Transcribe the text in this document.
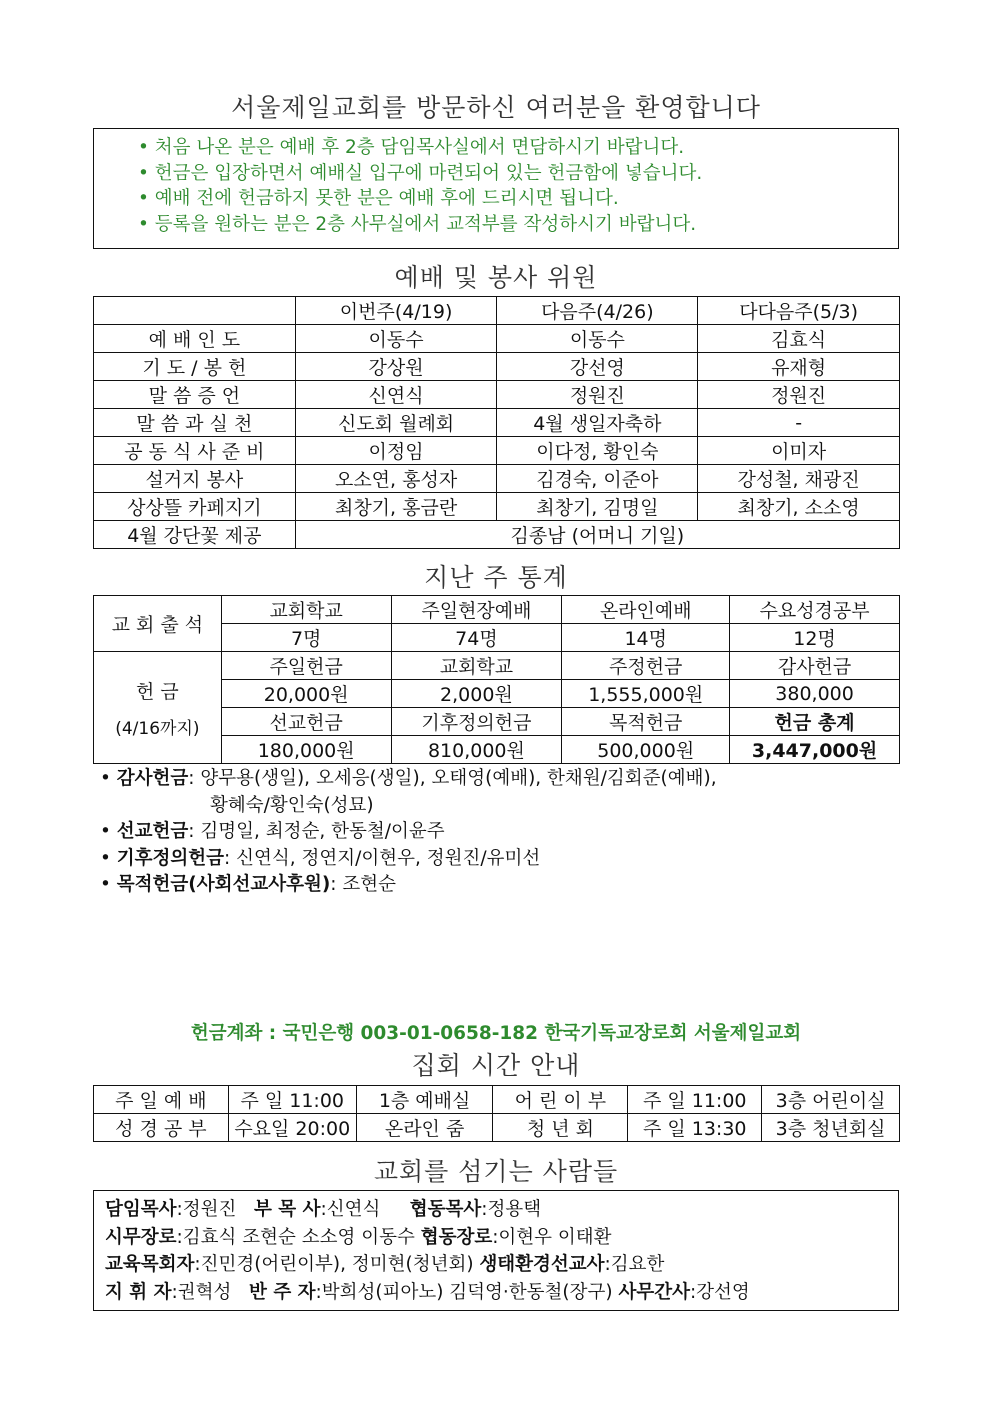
서울제일교회를 방문하신 여러분을 환영합니다
• 처음 나온 분은 예배 후 2층 담임목사실에서 면담하시기 바랍니다.
• 헌금은 입장하면서 예배실 입구에 마련되어 있는 헌금함에 넣습니다.
• 예배 전에 헌금하지 못한 분은 예배 후에 드리시면 됩니다.
• 등록을 원하는 분은 2층 사무실에서 교적부를 작성하시기 바랍니다.
예배 및 봉사 위원
	이번주(4/19)	다음주(4/26)	다다음주(5/3)
예 배 인 도	이동수	이동수	김효식
기 도 / 봉 헌	강상원	강선영	유재형
말 씀 증 언	신연식	정원진	정원진
말 씀 과 실 천	신도회 월례회	4월 생일자축하	-
공 동 식 사 준 비	이정임	이다정, 황인숙	이미자
설거지 봉사	오소연, 홍성자	김경숙, 이준아	강성철, 채광진
상상뜰 카페지기	최창기, 홍금란	최창기, 김명일	최창기, 소소영
4월 강단꽃 제공	김종남 (어머니 기일)		
지난 주 통계
교 회 출 석	교회학교	주일현장예배	온라인예배	수요성경공부
	7명	74명	14명	12명

헌 금
(4/16까지)	주일헌금	교회학교	주정헌금	감사헌금
	20,000원	2,000원	1,555,000원	380,000
	선교헌금	기후정의헌금	목적헌금	헌금 총계
	180,000원	810,000원	500,000원	3,447,000원
• 감사헌금: 양무용(생일), 오세응(생일), 오태영(예배), 한채원/김회준(예배),
황혜숙/황인숙(성묘)
• 선교헌금: 김명일, 최정순, 한동철/이윤주
• 기후정의헌금: 신연식, 정연지/이현우, 정원진/유미선
• 목적헌금(사회선교사후원): 조현순
헌금계좌 : 국민은행 003-01-0658-182 한국기독교장로회 서울제일교회
집회 시간 안내
주 일 예 배	주 일 11:00	1층 예배실	어 린 이 부	주 일 11:00	3층 어린이실
성 경 공 부	수요일 20:00	온라인 줌	청 년 회	주 일 13:30	3층 청년회실
교회를 섬기는 사람들
담임목사:정원진 부 목 사:신연식 협동목사:정용택
시무장로:김효식 조현순 소소영 이동수 협동장로:이현우 이태환
교육목회자:진민경(어린이부), 정미현(청년회) 생태환경선교사:김요한
지 휘 자:권혁성 반 주 자:박희성(피아노) 김덕영·한동철(장구) 사무간사:강선영
